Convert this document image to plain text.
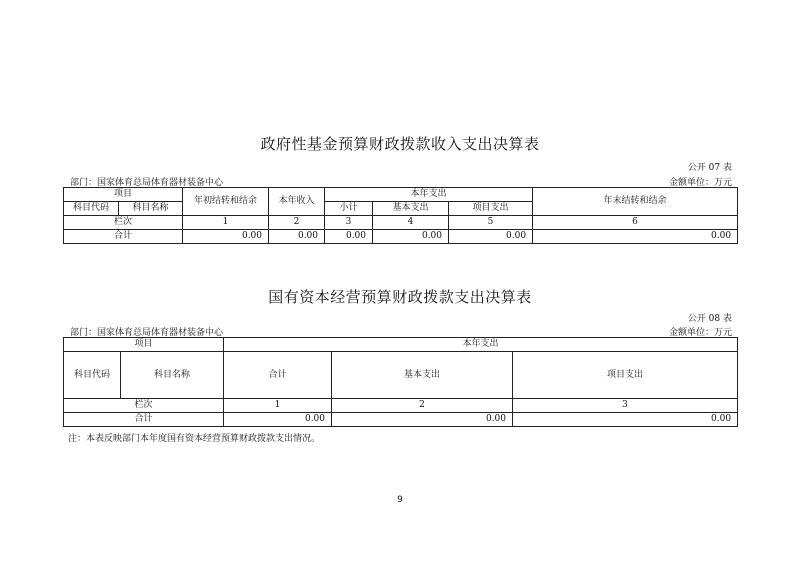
政府性基金预算财政拨款收入支出决算表
公开 07 表
部门：国家体育总局体育器材装备中心	金额单位：万元
项目		年初结转和结余	本年收入	本年支出			年末结转和结余
科目代码	科目名称			小计	基本支出	项目支出	
栏次		1	2	3	4	5	6
合计		0.00	0.00	0.00	0.00	0.00	0.00
国有资本经营预算财政拨款支出决算表
公开 08 表
部门：国家体育总局体育器材装备中心	金额单位：万元
项目		本年支出		
科目代码	科目名称	合计	基本支出	项目支出
栏次		1	2	3
合计		0.00	0.00	0.00
注：本表反映部门本年度国有资本经营预算财政拨款支出情况。
9
